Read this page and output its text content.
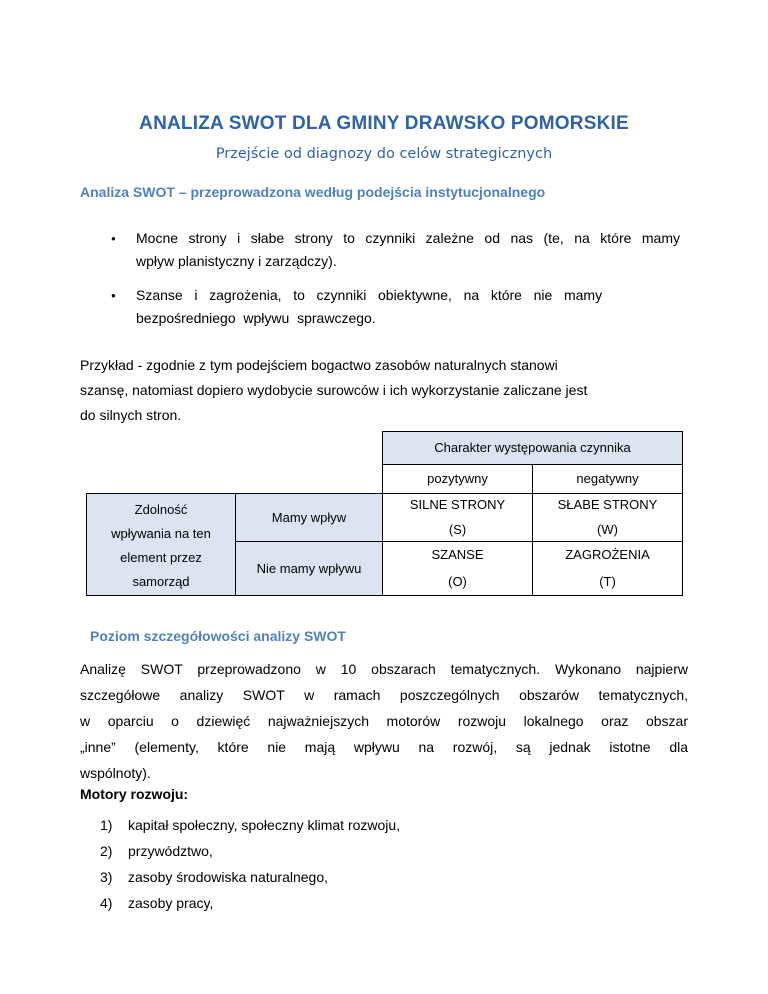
ANALIZA SWOT DLA GMINY DRAWSKO POMORSKIE
Przejście od diagnozy do celów strategicznych
Analiza SWOT – przeprowadzona według podejścia instytucjonalnego
● Mocne strony i słabe strony to czynniki zależne od nas (te, na które mamy
wpływ planistyczny i zarządczy).
● Szanse   i   zagrożenia,   to   czynniki   obiektywne,   na   które   nie   mamy
bezpośredniego  wpływu  sprawczego.

Przykład - zgodnie z tym podejściem bogactwo zasobów naturalnych stanowi
szansę, natomiast dopiero wydobycie surowców i ich wykorzystanie zaliczane jest
do silnych stron.

Charakter występowania czynnika
pozytywny	negatywny
Zdolność
wpływania na ten
element przez
samorząd
Mamy wpływ
Nie mamy wpływu
SILNE STRONY
(S)
SŁABE STRONY
(W)
SZANSE
(O)
ZAGROŻENIA
(T)
Poziom szczegółowości analizy SWOT

Analizę SWOT przeprowadzono w 10 obszarach tematycznych. Wykonano najpierw
szczegółowe analizy SWOT w ramach poszczególnych obszarów tematycznych,
w oparciu o dziewięć najważniejszych motorów rozwoju lokalnego oraz obszar
„inne” (elementy, które nie mają wpływu na rozwój, są jednak istotne dla
wspólnoty).

Motory rozwoju:
1) kapitał społeczny, społeczny klimat rozwoju,
2) przywództwo,
3) zasoby środowiska naturalnego,
4) zasoby pracy,
